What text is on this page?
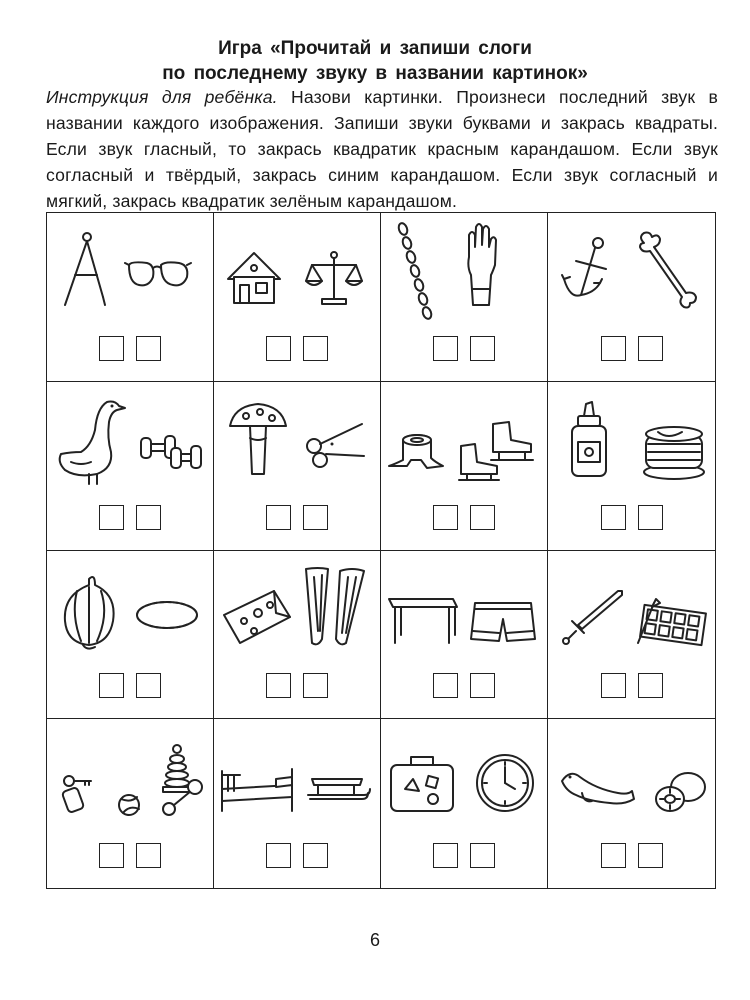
Игра «Прочитай и запиши слоги
по последнему звуку в названии картинок»
Инструкция для ребёнка. Назови картинки. Произнеси последний звук в названии каждого изображения. Запиши звуки буквами и закрась квадраты. Если звук гласный, то закрась квадратик красным карандашом. Если звук согласный и твёрдый, закрась синим карандашом. Если звук согласный и мягкий, закрась квадратик зелёным карандашом.
6
